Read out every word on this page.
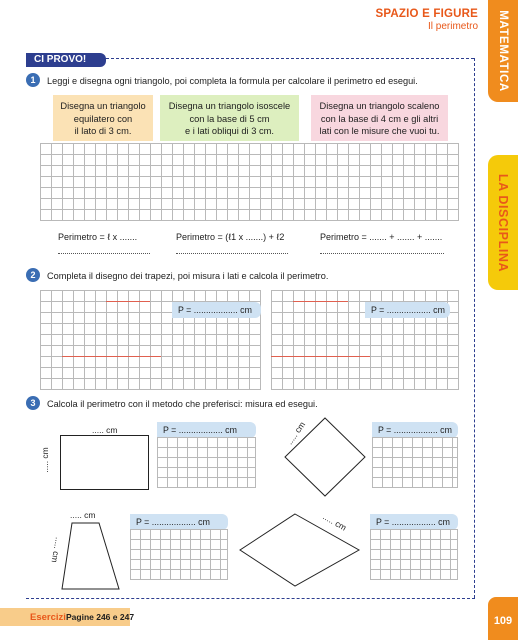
SPAZIO E FIGURE
Il perimetro MATEMATICA
LA DISCIPLINA
CI PROVO!
1	Leggi e disegna ogni triangolo, poi completa la formula per calcolare il perimetro ed esegui.
Disegna un triangolo
equilatero con
il lato di 3 cm.
Disegna un triangolo isoscele
con la base di 5 cm
e i lati obliqui di 3 cm.
Disegna un triangolo scaleno
con la base di 4 cm e gli altri
lati con le misure che vuoi tu.
Perimetro = ℓ x .......	Perimetro = (ℓ1 x .......) + ℓ2	Perimetro = ....... + ....... + .......
2	Completa il disegno dei trapezi, poi misura i lati e calcola il perimetro.
P = .................. cm	P = .................. cm
3	Calcola il perimetro con il metodo che preferisci: misura ed esegui.
..... cm
..... cm
P = .................. cm	..... cm	P = .................. cm
..... cm
..... cm
P = .................. cm	..... cm	P = .................. cm
Esercizi Pagine 246 e 247	109
